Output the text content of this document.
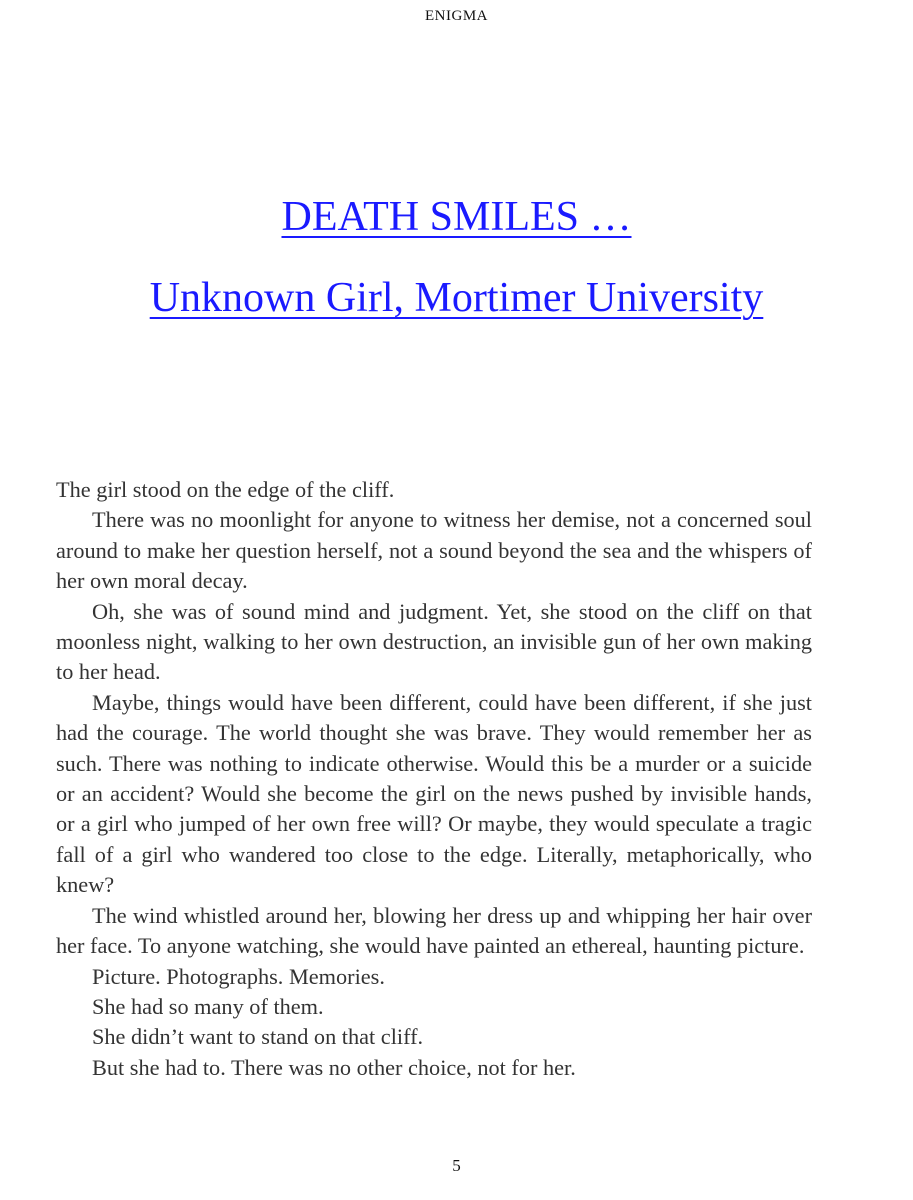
ENIGMA
DEATH SMILES …
Unknown Girl, Mortimer University

The girl stood on the edge of the cliff.

There was no moonlight for anyone to witness her demise, not a concerned soul around to make her question herself, not a sound beyond the sea and the whispers of her own moral decay.

Oh, she was of sound mind and judgment. Yet, she stood on the cliff on that moonless night, walking to her own destruction, an invisible gun of her own making to her head.

Maybe, things would have been different, could have been different, if she just had the courage. The world thought she was brave. They would remember her as such. There was nothing to indicate otherwise. Would this be a murder or a suicide or an accident? Would she become the girl on the news pushed by invisible hands, or a girl who jumped of her own free will? Or maybe, they would speculate a tragic fall of a girl who wandered too close to the edge. Literally, metaphorically, who knew?

The wind whistled around her, blowing her dress up and whipping her hair over her face. To anyone watching, she would have painted an ethereal, haunting picture.

Picture. Photographs. Memories.

She had so many of them.

She didn’t want to stand on that cliff.

But she had to. There was no other choice, not for her.

5
